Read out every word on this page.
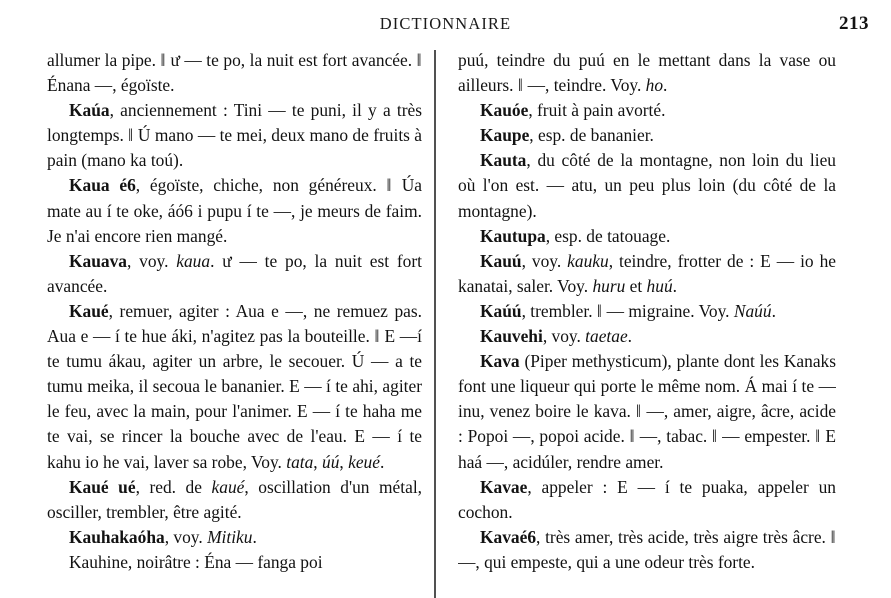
DICTIONNAIRE	213

allumer la pipe. ‖ ư — te po, la nuit est fort avancée. ‖ Énana —, égoïste.

Kaúa, anciennement : Tini — te puni, il y a très longtemps. ‖ Ú mano — te mei, deux mano de fruits à pain (mano ka toú).

Kaua é6, égoïste, chiche, non généreux. ‖ Úa mate au í te oke, áó6 i pupu í te —, je meurs de faim. Je n'ai encore rien mangé.

Kauava, voy. kaua. ư — te po, la nuit est fort avancée.

Kaué, remuer, agiter : Aua e —, ne remuez pas. Aua e — í te hue áki, n'agitez pas la bouteille. ‖ E —í te tumu ákau, agiter un arbre, le secouer. Ú — a te tumu meika, il secoua le bananier. E — í te ahi, agiter le feu, avec la main, pour l'animer. E — í te haha me te vai, se rincer la bouche avec de l'eau. E — í te kahu io he vai, laver sa robe, Voy. tata, úú, keué.

Kaué ué, red. de kaué, oscillation d'un métal, osciller, trembler, être agité.

Kauhakaóha, voy. Mitiku.

Kauhine, noirâtre : Éna — fanga poi

puú, teindre du puú en le mettant dans la vase ou ailleurs. ‖ —, teindre. Voy. ho.

Kauóe, fruit à pain avorté.

Kaupe, esp. de bananier.

Kauta, du côté de la montagne, non loin du lieu où l'on est. — atu, un peu plus loin (du côté de la montagne).

Kautupa, esp. de tatouage.

Kauú, voy. kauku, teindre, frotter de : E — io he kanatai, saler. Voy. huru et huú.

Kaúú, trembler. ‖ — migraine. Voy. Naúú.

Kauvehi, voy. taetae.

Kava (Piper methysticum), plante dont les Kanaks font une liqueur qui porte le même nom. Á mai í te — inu, venez boire le kava. ‖ —, amer, aigre, âcre, acide : Popoi —, popoi acide. ‖ —, tabac. ‖ — empester. ‖ E haá —, acidúler, rendre amer.

Kavae, appeler : E — í te puaka, appeler un cochon.

Kavaé6, très amer, très acide, très aigre très âcre. ‖ —, qui empeste, qui a une odeur très forte.
